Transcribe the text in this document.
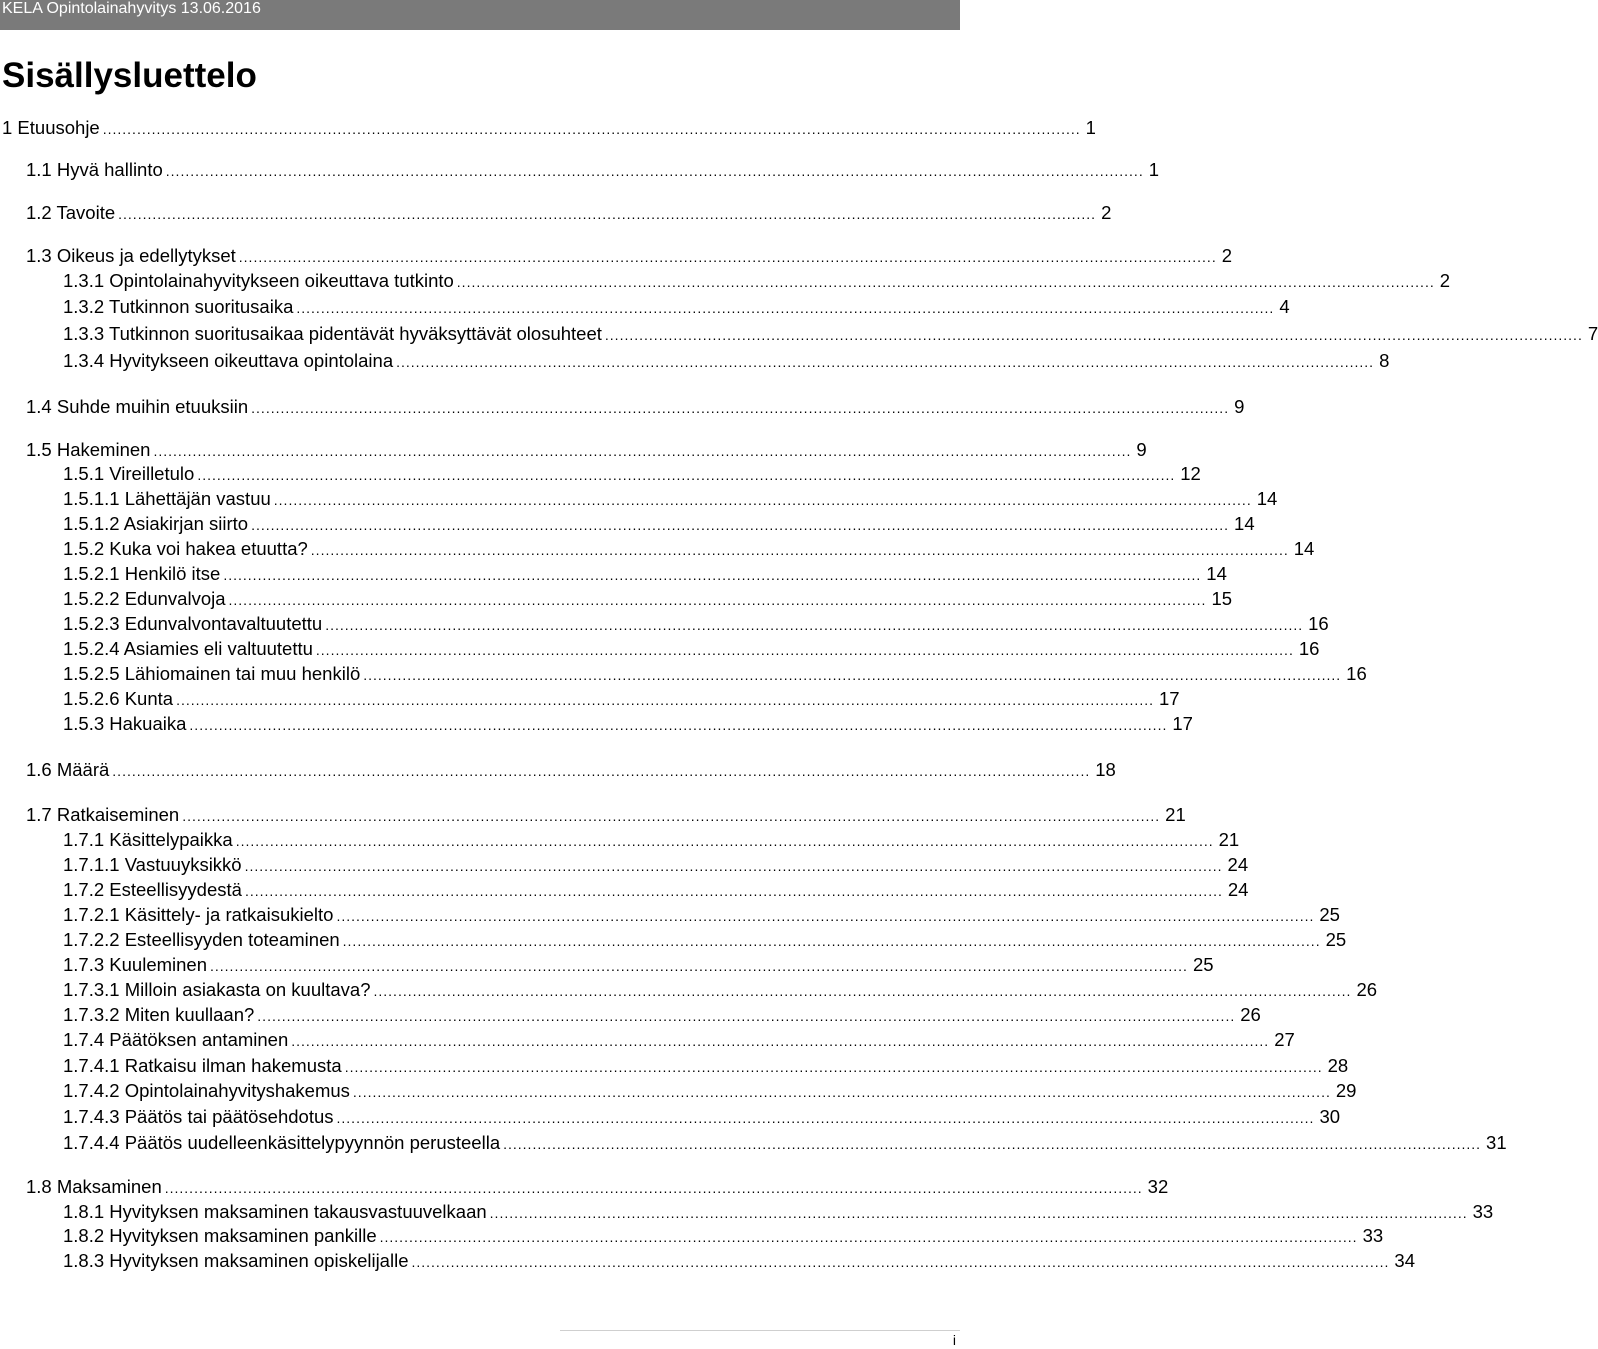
KELA Opintolainahyvitys 13.06.2016
Sisällysluettelo
1 Etuusohje ........................................................................................................................................................................................................ 1
1.1 Hyvä hallinto ........................................................................................................................................................................................................ 1
1.2 Tavoite ........................................................................................................................................................................................................ 2
1.3 Oikeus ja edellytykset ........................................................................................................................................................................................................ 2
1.3.1 Opintolainahyvitykseen oikeuttava tutkinto ........................................................................................................................................................................................................ 2
1.3.2 Tutkinnon suoritusaika ........................................................................................................................................................................................................ 4
1.3.3 Tutkinnon suoritusaikaa pidentävät hyväksyttävät olosuhteet ........................................................................................................................................................................................................ 7
1.3.4 Hyvitykseen oikeuttava opintolaina ........................................................................................................................................................................................................ 8
1.4 Suhde muihin etuuksiin ........................................................................................................................................................................................................ 9
1.5 Hakeminen ........................................................................................................................................................................................................ 9
1.5.1 Vireilletulo ........................................................................................................................................................................................................ 12
1.5.1.1 Lähettäjän vastuu ........................................................................................................................................................................................................ 14
1.5.1.2 Asiakirjan siirto ........................................................................................................................................................................................................ 14
1.5.2 Kuka voi hakea etuutta? ........................................................................................................................................................................................................ 14
1.5.2.1 Henkilö itse ........................................................................................................................................................................................................ 14
1.5.2.2 Edunvalvoja ........................................................................................................................................................................................................ 15
1.5.2.3 Edunvalvontavaltuutettu ........................................................................................................................................................................................................ 16
1.5.2.4 Asiamies eli valtuutettu ........................................................................................................................................................................................................ 16
1.5.2.5 Lähiomainen tai muu henkilö ........................................................................................................................................................................................................ 16
1.5.2.6 Kunta ........................................................................................................................................................................................................ 17
1.5.3 Hakuaika ........................................................................................................................................................................................................ 17
1.6 Määrä ........................................................................................................................................................................................................ 18
1.7 Ratkaiseminen ........................................................................................................................................................................................................ 21
1.7.1 Käsittelypaikka ........................................................................................................................................................................................................ 21
1.7.1.1 Vastuuyksikkö ........................................................................................................................................................................................................ 24
1.7.2 Esteellisyydestä ........................................................................................................................................................................................................ 24
1.7.2.1 Käsittely- ja ratkaisukielto ........................................................................................................................................................................................................ 25
1.7.2.2 Esteellisyyden toteaminen ........................................................................................................................................................................................................ 25
1.7.3 Kuuleminen ........................................................................................................................................................................................................ 25
1.7.3.1 Milloin asiakasta on kuultava? ........................................................................................................................................................................................................ 26
1.7.3.2 Miten kuullaan? ........................................................................................................................................................................................................ 26
1.7.4 Päätöksen antaminen ........................................................................................................................................................................................................ 27
1.7.4.1 Ratkaisu ilman hakemusta ........................................................................................................................................................................................................ 28
1.7.4.2 Opintolainahyvityshakemus ........................................................................................................................................................................................................ 29
1.7.4.3 Päätös tai päätösehdotus ........................................................................................................................................................................................................ 30
1.7.4.4 Päätös uudelleenkäsittelypyynnön perusteella ........................................................................................................................................................................................................ 31
1.8 Maksaminen ........................................................................................................................................................................................................ 32
1.8.1 Hyvityksen maksaminen takausvastuuvelkaan ........................................................................................................................................................................................................ 33
1.8.2 Hyvityksen maksaminen pankille ........................................................................................................................................................................................................ 33
1.8.3 Hyvityksen maksaminen opiskelijalle ........................................................................................................................................................................................................ 34
i
